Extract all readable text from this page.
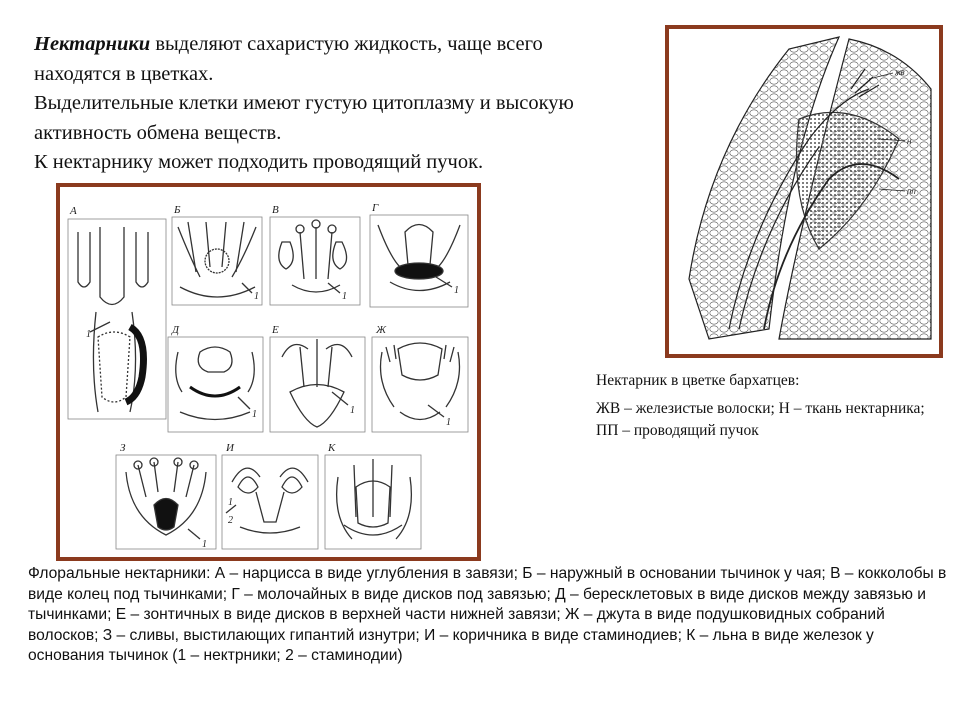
Нектарники выделяют сахаристую жидкость, чаще всего находятся в цветках.

Выделительные клетки имеют густую цитоплазму и высокую активность обмена веществ.

К нектарнику может подходить проводящий пучок.

А	Б	В	Г
Д	Е	Ж
З	И	К
1
1	1
1
1	1
1
1
1
2
жв
н
пп

Нектарник в цветке бархатцев:

ЖВ – железистые волоски; Н – ткань нектарника; ПП – проводящий пучок

Флоральные нектарники: А – нарцисса в виде углубления в завязи; Б – наружный в основании тычинок у чая; В – кокколобы в виде колец под тычинками; Г – молочайных в виде дисков под завязью; Д – бересклетовых в виде дисков между завязью и тычинками; Е – зонтичных в виде дисков в верхней части нижней завязи; Ж – джута в виде подушковидных собраний волосков; З – сливы, выстилающих гипантий изнутри; И – коричника в виде стаминодиев; К – льна в виде железок у основания тычинок (1 – нектрники; 2 – стаминодии)
